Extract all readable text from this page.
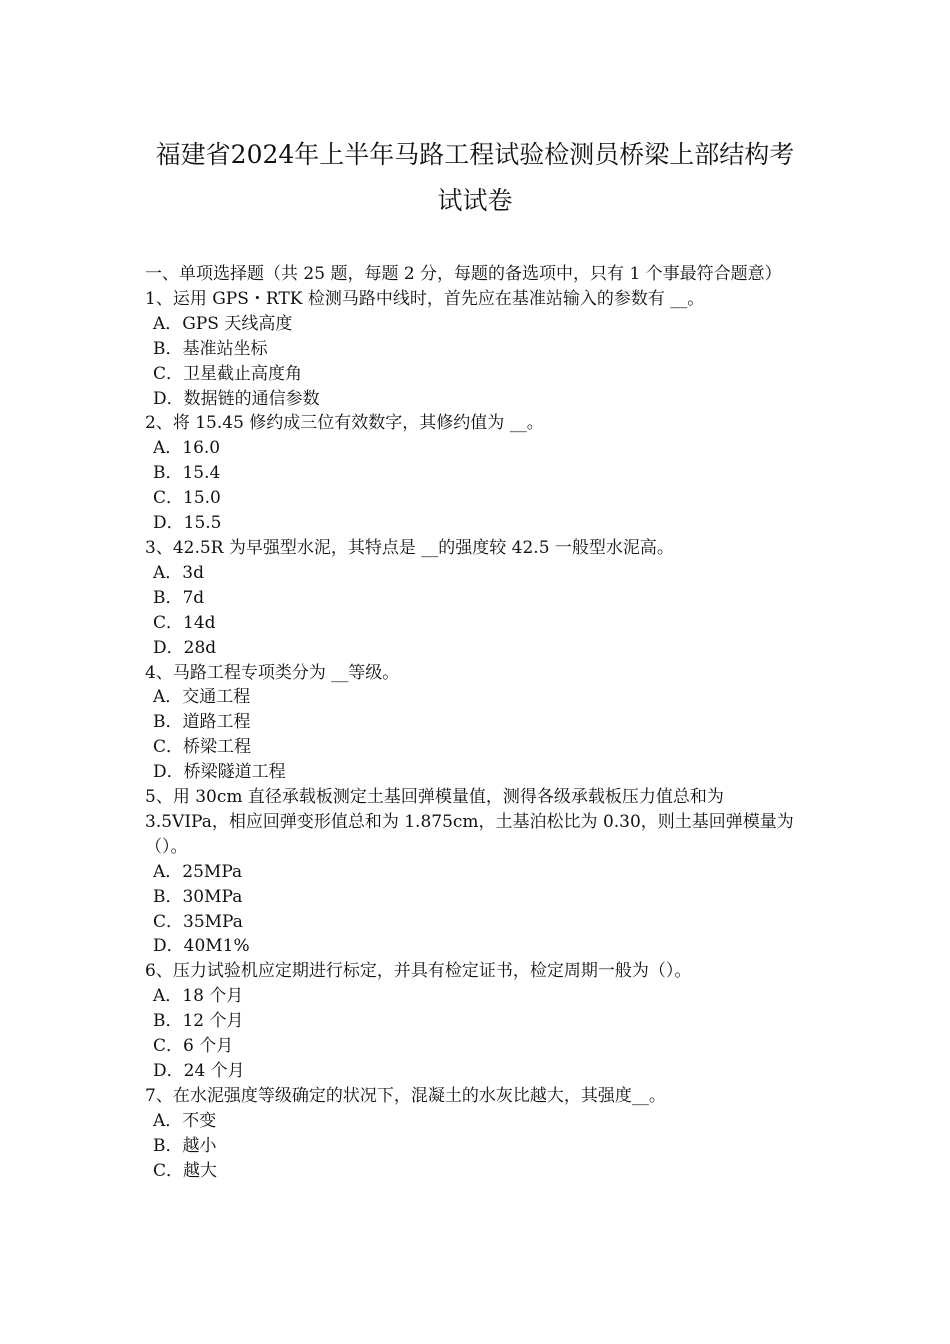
福建省2024年上半年马路工程试验检测员桥梁上部结构考
试试卷
一、单项选择题（共 25 题，每题 2 分，每题的备选项中，只有 1 个事最符合题意）
1、运用 GPS・RTK 检测马路中线时，首先应在基准站输入的参数有 __。
A．GPS 天线高度
B．基准站坐标
C．卫星截止高度角
D．数据链的通信参数
2、将 15.45 修约成三位有效数字，其修约值为 __。
A．16.0
B．15.4
C．15.0
D．15.5
3、42.5R 为早强型水泥，其特点是 __的强度较 42.5 一般型水泥高。
A．3d
B．7d
C．14d
D．28d
4、马路工程专项类分为 __等级。
A．交通工程
B．道路工程
C．桥梁工程
D．桥梁隧道工程
5、用 30cm 直径承载板测定土基回弹模量值，测得各级承载板压力值总和为 3.5VIPa，相应回弹变形值总和为 1.875cm，土基泊松比为 0.30，则土基回弹模量为（）。
A．25MPa
B．30MPa
C．35MPa
D．40M1%
6、压力试验机应定期进行标定，并具有检定证书，检定周期一般为（）。
A．18 个月
B．12 个月
C．6 个月
D．24 个月
7、在水泥强度等级确定的状况下，混凝土的水灰比越大，其强度__。
A．不变
B．越小
C．越大
